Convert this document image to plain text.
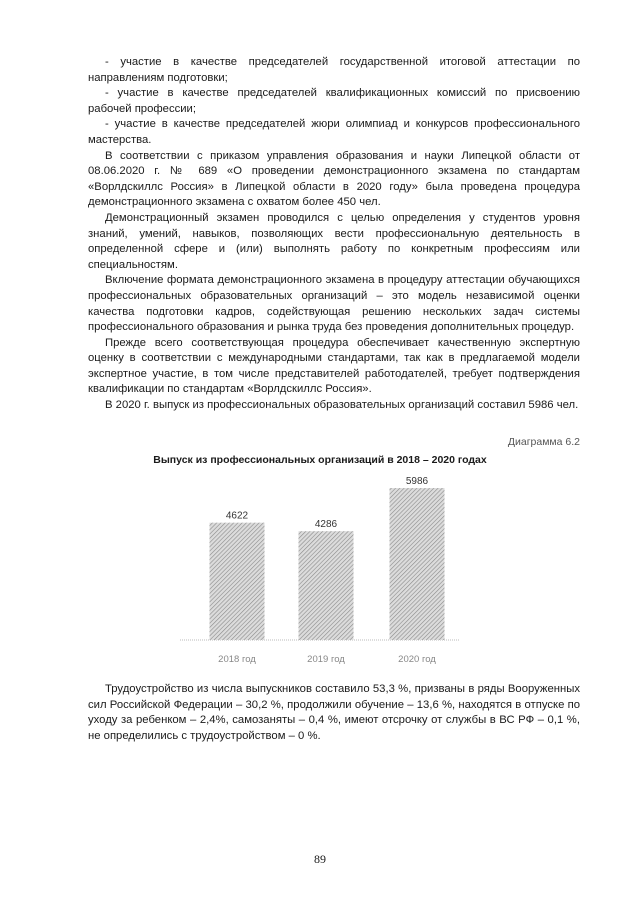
- участие в качестве председателей государственной итоговой аттестации по направлениям подготовки;

- участие в качестве председателей квалификационных комиссий по присвоению рабочей профессии;

- участие в качестве председателей жюри олимпиад и конкурсов профессионального мастерства.

В соответствии с приказом управления образования и науки Липецкой области от 08.06.2020 г. № 689 «О проведении демонстрационного экзамена по стандартам «Ворлдскиллс Россия» в Липецкой области в 2020 году» была проведена процедура демонстрационного экзамена с охватом более 450 чел.

Демонстрационный экзамен проводился с целью определения у студентов уровня знаний, умений, навыков, позволяющих вести профессиональную деятельность в определенной сфере и (или) выполнять работу по конкретным профессиям или специальностям.

Включение формата демонстрационного экзамена в процедуру аттестации обучающихся профессиональных образовательных организаций – это модель независимой оценки качества подготовки кадров, содействующая решению нескольких задач системы профессионального образования и рынка труда без проведения дополнительных процедур.

Прежде всего соответствующая процедура обеспечивает качественную экспертную оценку в соответствии с международными стандартами, так как в предлагаемой модели экспертное участие, в том числе представителей работодателей, требует подтверждения квалификации по стандартам «Ворлдскиллс Россия».

В 2020 г. выпуск из профессиональных образовательных организаций составил 5986 чел.

Диаграмма 6.2
Выпуск из профессиональных организаций в 2018 – 2020 годах
4622
2018 год
4286
2019 год
5986
2020 год

Трудоустройство из числа выпускников составило 53,3 %, призваны в ряды Вооруженных сил Российской Федерации – 30,2 %, продолжили обучение – 13,6 %, находятся в отпуске по уходу за ребенком – 2,4%, самозаняты – 0,4 %, имеют отсрочку от службы в ВС РФ – 0,1 %, не определились с трудоустройством – 0 %.

89
